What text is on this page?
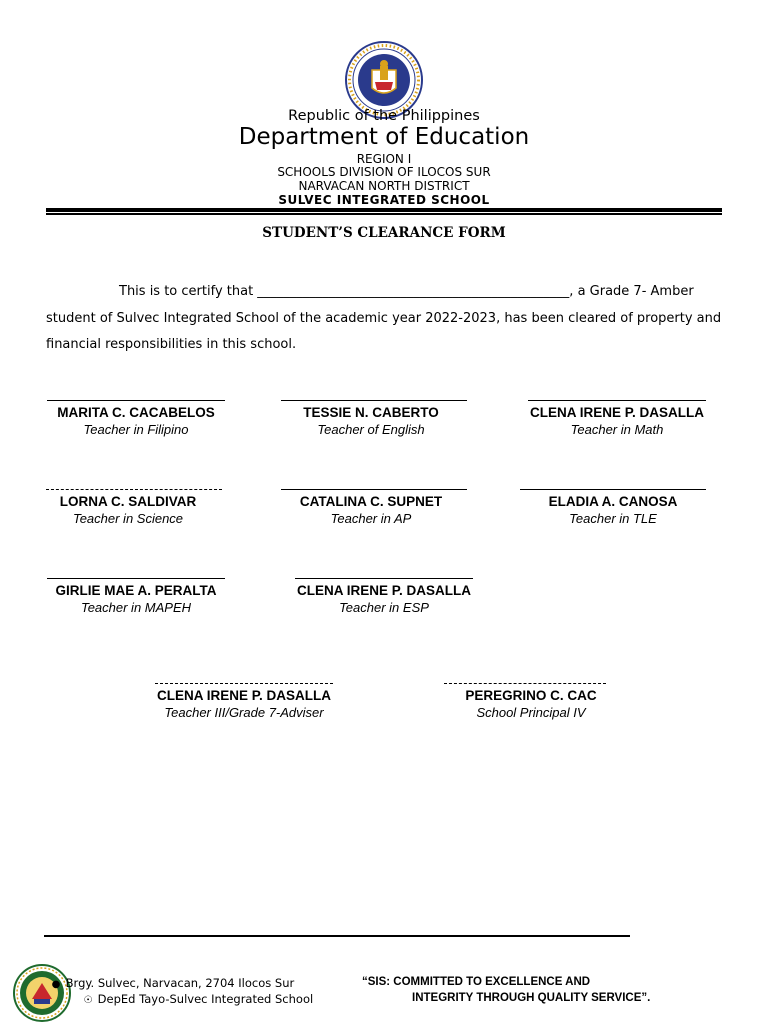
Republic of the Philippines
Department of Education
REGION I
SCHOOLS DIVISION OF ILOCOS SUR
NARVACAN NORTH DISTRICT
SULVEC INTEGRATED SCHOOL
STUDENT’S CLEARANCE FORM
This is to certify that ________________________________________________, a Grade 7- Amber
student of Sulvec Integrated School of the academic year 2022-2023, has been cleared of property and
financial responsibilities in this school.
MARITA C. CACABELOS
Teacher in Filipino
TESSIE N. CABERTO
Teacher of English
CLENA IRENE P. DASALLA
Teacher in Math
LORNA C. SALDIVAR
Teacher in Science
CATALINA C. SUPNET
Teacher in AP
ELADIA A. CANOSA
Teacher in TLE
GIRLIE MAE A. PERALTA
Teacher in MAPEH
CLENA IRENE P. DASALLA
Teacher in ESP
CLENA IRENE P. DASALLA
Teacher III/Grade 7-Adviser
PEREGRINO C. CAC
School Principal IV
● Brgy. Sulvec, Narvacan, 2704 Ilocos Sur
☉ DepEd Tayo-Sulvec Integrated School
“SIS: COMMITTED TO EXCELLENCE AND
INTEGRITY THROUGH QUALITY SERVICE”.
